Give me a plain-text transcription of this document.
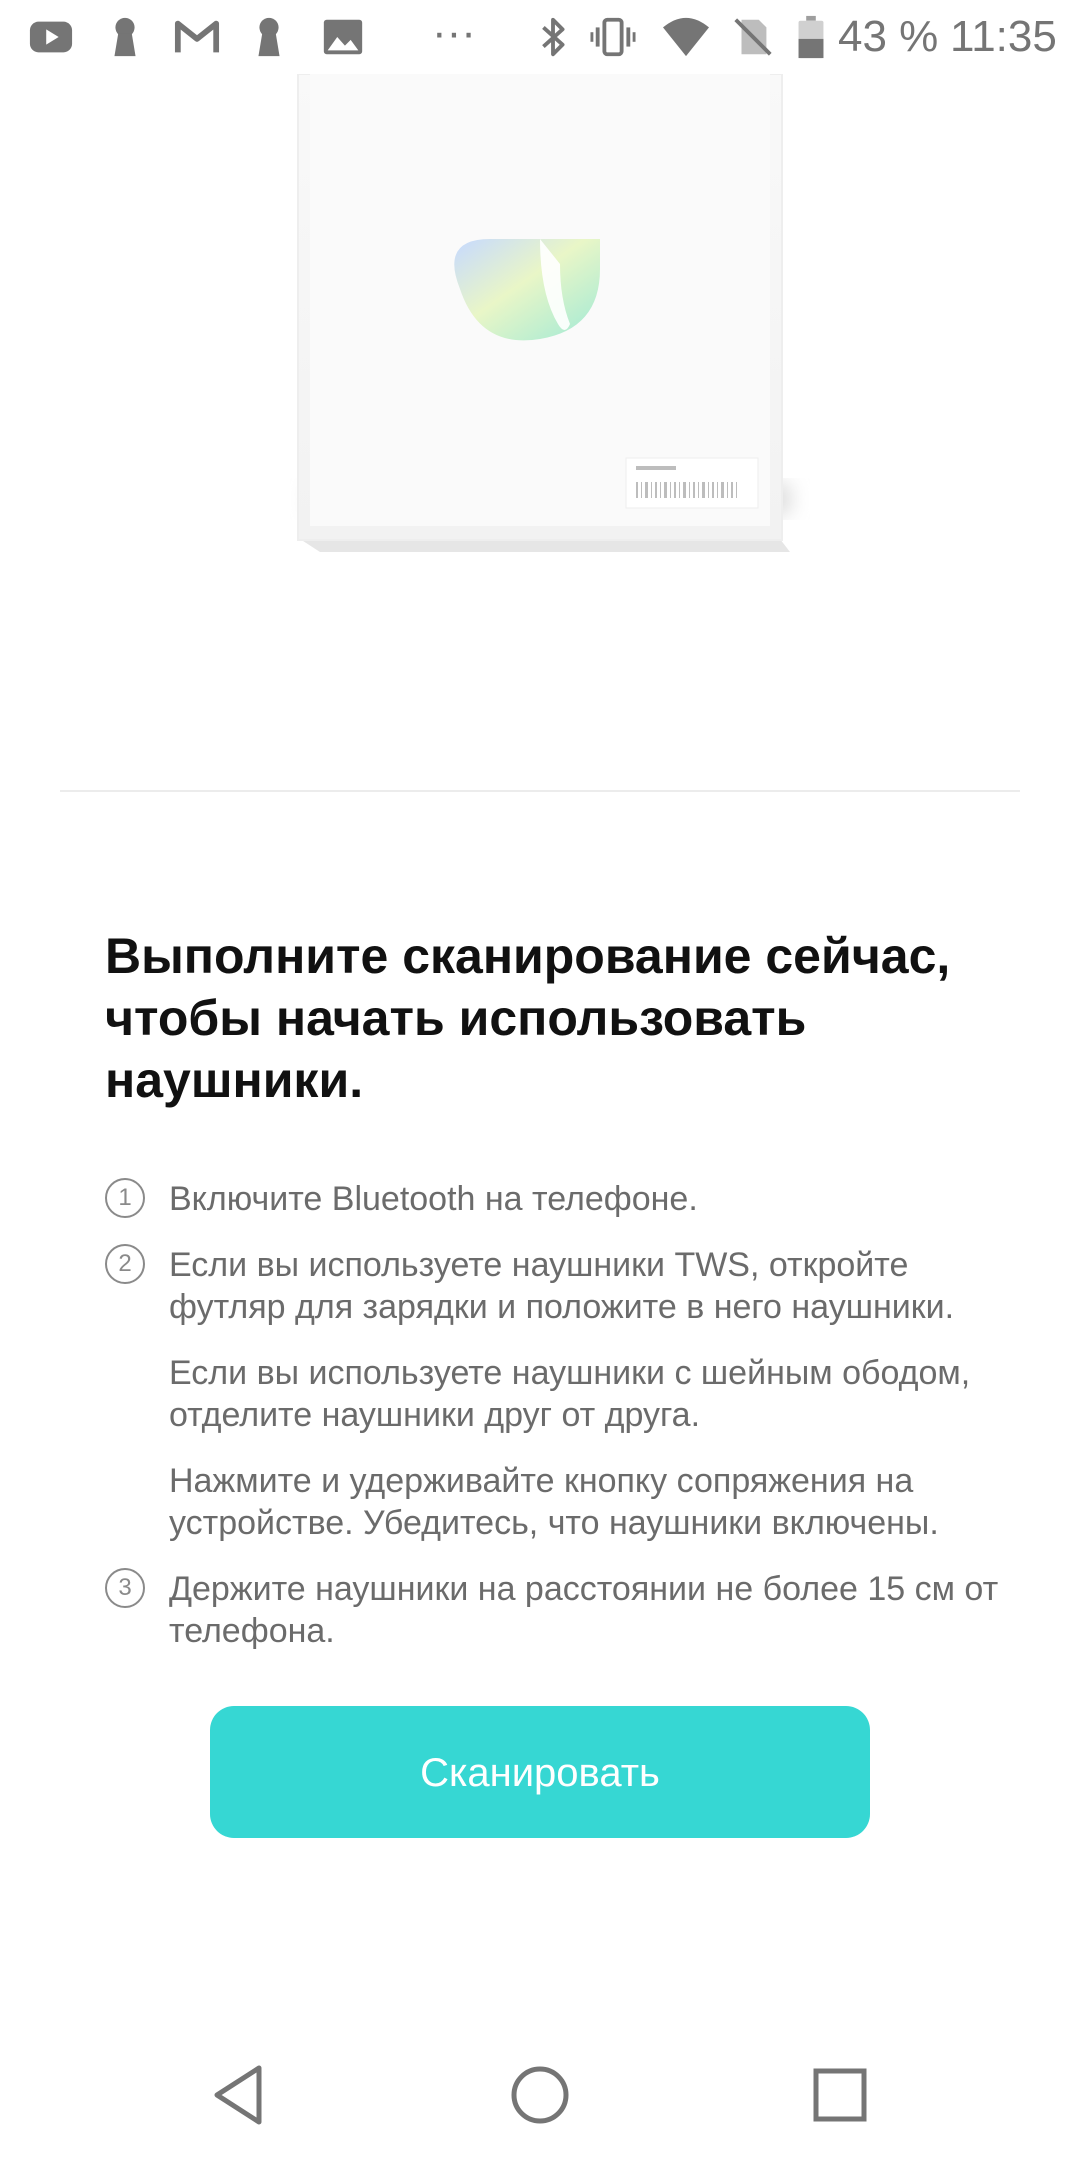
···	43 % 11:35
Выполните сканирование сейчас, чтобы начать использовать наушники.
1	Включите Bluetooth на телефоне.
2	Если вы используете наушники TWS, откройте футляр для зарядки и положите в него наушники.
Если вы используете наушники с шейным ободом, отделите наушники друг от друга.
Нажмите и удерживайте кнопку сопряжения на устройстве. Убедитесь, что наушники включены.
3	Держите наушники на расстоянии не более 15 см от телефона.
Сканировать
